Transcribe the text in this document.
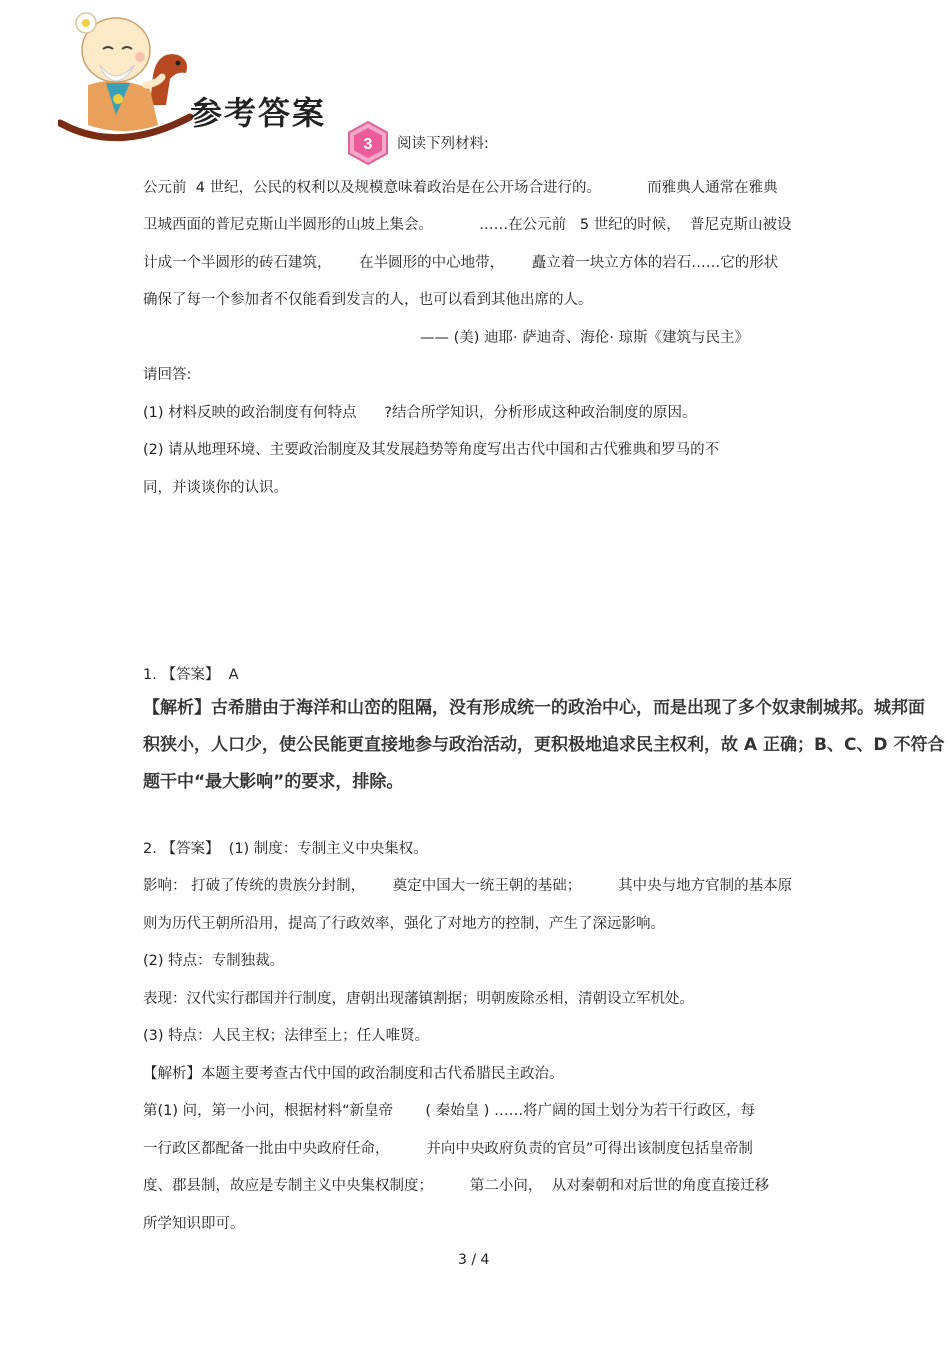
参考答案
3 阅读下列材料:
公元前  4 世纪，公民的权利以及规模意味着政治是在公开场合进行的。          而雅典人通常在雅典
卫城西面的普尼克斯山半圆形的山坡上集会。          ……在公元前   5 世纪的时候，  普尼克斯山被设
计成一个半圆形的砖石建筑，      在半圆形的中心地带，      矗立着一块立方体的岩石……它的形状
确保了每一个参加者不仅能看到发言的人，也可以看到其他出席的人。
—— (美) 迪耶· 萨迪奇、海伦· 琼斯《建筑与民主》
请回答:
(1) 材料反映的政治制度有何特点      ?结合所学知识，分析形成这种政治制度的原因。
(2) 请从地理环境、主要政治制度及其发展趋势等角度写出古代中国和古代雅典和罗马的不
同，并谈谈你的认识。
1. 【答案】  A
【解析】古希腊由于海洋和山峦的阻隔，没有形成统一的政治中心，而是出现了多个奴隶制城邦。城邦面
积狭小，人口少，使公民能更直接地参与政治活动，更积极地追求民主权利，故 A 正确；B、C、D 不符合
题干中“最大影响”的要求，排除。
2. 【答案】  (1) 制度：专制主义中央集权。
影响： 打破了传统的贵族分封制，      奠定中国大一统王朝的基础；        其中央与地方官制的基本原
则为历代王朝所沿用，提高了行政效率，强化了对地方的控制，产生了深远影响。
(2) 特点：专制独裁。
表现：汉代实行郡国并行制度，唐朝出现藩镇割据；明朝废除丞相，清朝设立军机处。
(3) 特点：人民主权；法律至上；任人唯贤。
【解析】本题主要考查古代中国的政治制度和古代希腊民主政治。
第(1) 问，第一小问，根据材料“新皇帝       ( 秦始皇 ) ……将广阔的国土划分为若干行政区，每
一行政区都配备一批由中央政府任命，        并向中央政府负责的官员”可得出该制度包括皇帝制
度、郡县制，故应是专制主义中央集权制度；        第二小问，  从对秦朝和对后世的角度直接迁移
所学知识即可。
3 / 4
